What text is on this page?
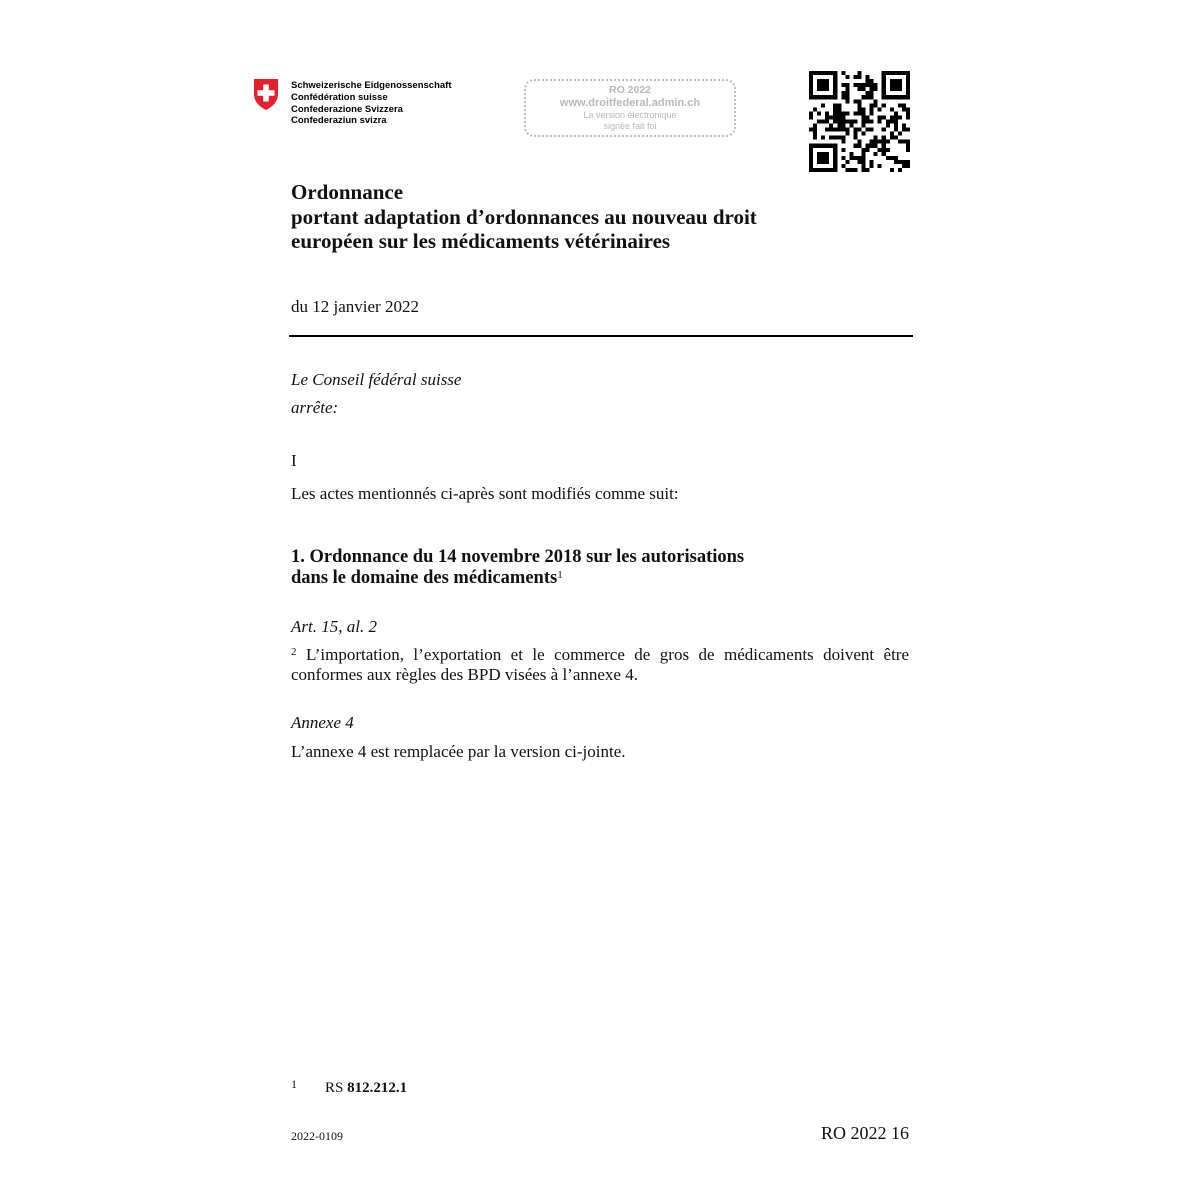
Schweizerische Eidgenossenschaft
Confédération suisse
Confederazione Svizzera
Confederaziun svizra
RO 2022
www.droitfederal.admin.ch
La version électronique
signée fait foi
Ordonnance
portant adaptation d’ordonnances au nouveau droit
européen sur les médicaments vétérinaires
du 12 janvier 2022
Le Conseil fédéral suisse
arrête:
I
Les actes mentionnés ci-après sont modifiés comme suit:
1. Ordonnance du 14 novembre 2018 sur les autorisations
dans le domaine des médicaments$^1$
Art. 15, al. 2
$^2$ L’importation, l’exportation et le commerce de gros de médicaments doivent être conformes aux règles des BPD visées à l’annexe 4.
Annexe 4
L’annexe 4 est remplacée par la version ci-jointe.
1 RS 812.212.1
2022-0109	RO 2022 16
